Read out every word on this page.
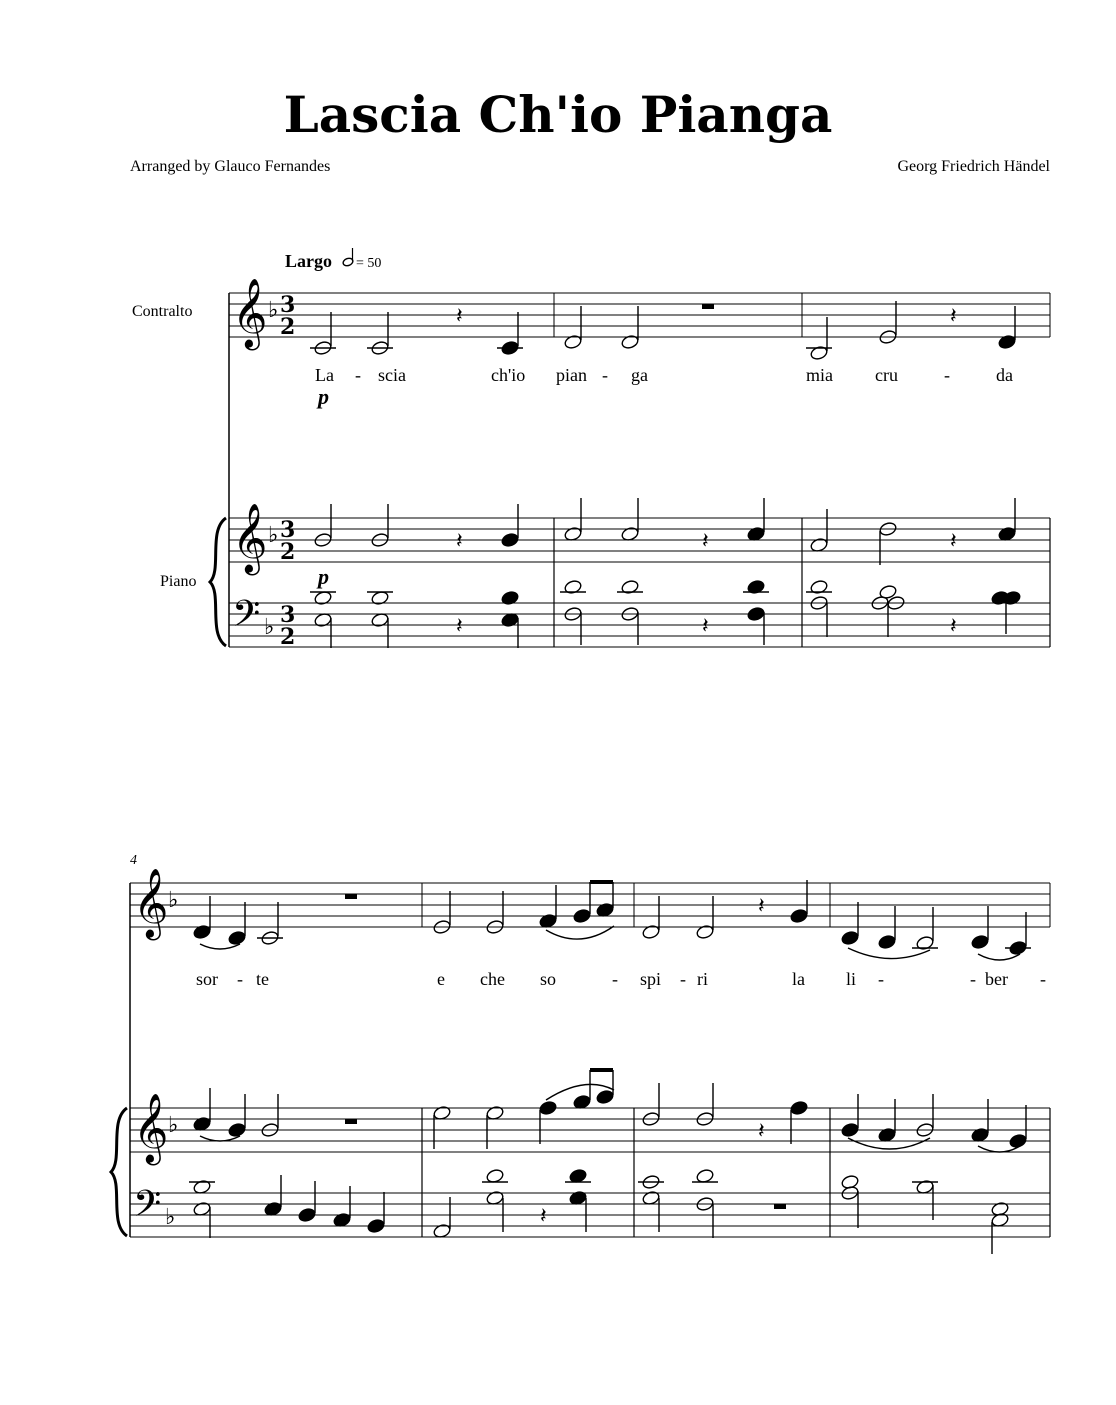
Lascia Ch'io Pianga
Arranged by Glauco Fernandes	Georg Friedrich Händel
Largo = 50
Contralto
Piano
𝄞 ♭ 3
2	𝄽	𝄽
La - scia	ch'io pian - ga	mia cru	-	da
p
𝄞 ♭ 3
2
𝄢 ♭ 3
2
p
𝄽	𝄽	𝄽
𝄽	𝄽	𝄽
4
𝄞 ♭	𝄽
sor - te	e che so	- spi - ri	la li -	- ber -
𝄞 ♭
𝄢 ♭
𝄽
𝄽
